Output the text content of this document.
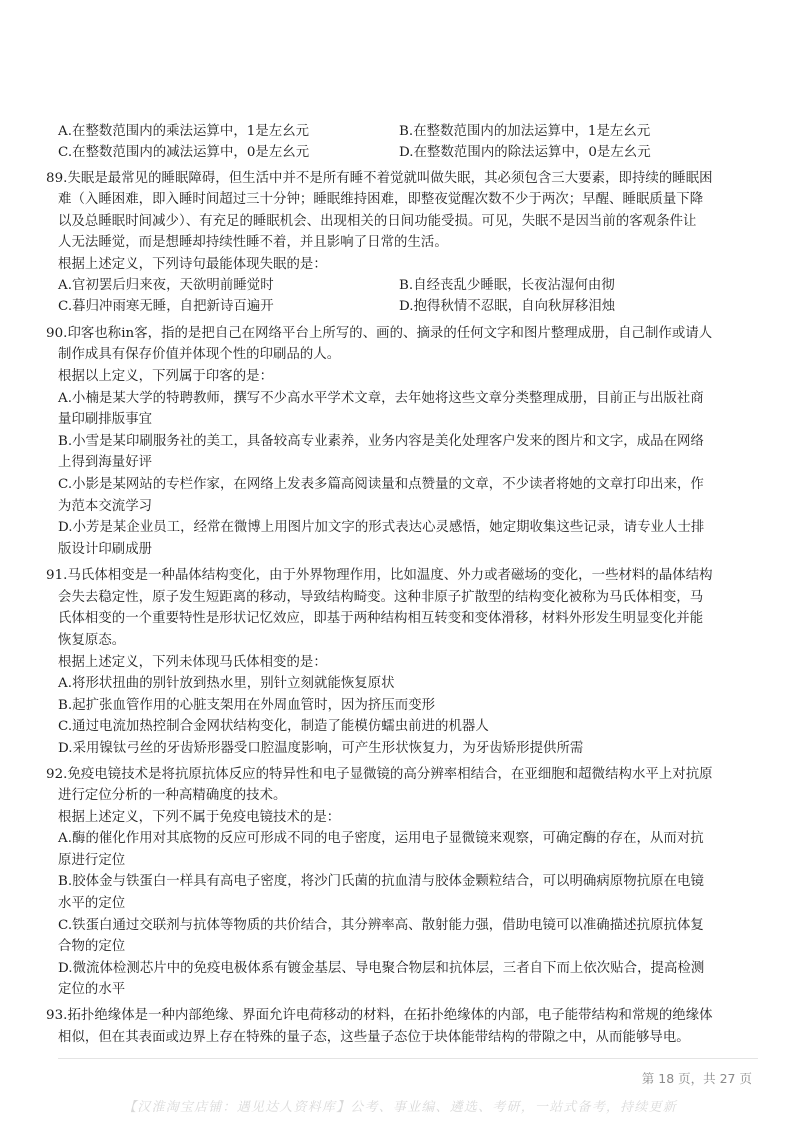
A.在整数范围内的乘法运算中，1是左幺元	B.在整数范围内的加法运算中，1是左幺元
C.在整数范围内的减法运算中，0是左幺元	D.在整数范围内的除法运算中，0是左幺元
89.失眠是最常见的睡眠障碍，但生活中并不是所有睡不着觉就叫做失眠，其必须包含三大要素，即持续的睡眠困
难（入睡困难，即入睡时间超过三十分钟；睡眠维持困难，即整夜觉醒次数不少于两次；早醒、睡眠质量下降
以及总睡眠时间减少）、有充足的睡眠机会、出现相关的日间功能受损。可见，失眠不是因当前的客观条件让
人无法睡觉，而是想睡却持续性睡不着，并且影响了日常的生活。
根据上述定义，下列诗句最能体现失眠的是：
A.官初罢后归来夜，天欲明前睡觉时	B.自经丧乱少睡眠，长夜沾湿何由彻
C.暮归冲雨寒无睡，自把新诗百遍开	D.抱得秋情不忍眠，自向秋屏移泪烛
90.印客也称in客，指的是把自己在网络平台上所写的、画的、摘录的任何文字和图片整理成册，自己制作或请人
制作成具有保存价值并体现个性的印刷品的人。
根据以上定义，下列属于印客的是：
A.小楠是某大学的特聘教师，撰写不少高水平学术文章，去年她将这些文章分类整理成册，目前正与出版社商
量印刷排版事宜
B.小雪是某印刷服务社的美工，具备较高专业素养，业务内容是美化处理客户发来的图片和文字，成品在网络
上得到海量好评
C.小影是某网站的专栏作家，在网络上发表多篇高阅读量和点赞量的文章，不少读者将她的文章打印出来，作
为范本交流学习
D.小芳是某企业员工，经常在微博上用图片加文字的形式表达心灵感悟，她定期收集这些记录，请专业人士排
版设计印刷成册
91.马氏体相变是一种晶体结构变化，由于外界物理作用，比如温度、外力或者磁场的变化，一些材料的晶体结构
会失去稳定性，原子发生短距离的移动，导致结构畸变。这种非原子扩散型的结构变化被称为马氏体相变，马
氏体相变的一个重要特性是形状记忆效应，即基于两种结构相互转变和变体滑移，材料外形发生明显变化并能
恢复原态。
根据上述定义，下列未体现马氏体相变的是：
A.将形状扭曲的别针放到热水里，别针立刻就能恢复原状
B.起扩张血管作用的心脏支架用在外周血管时，因为挤压而变形
C.通过电流加热控制合金网状结构变化，制造了能模仿蠕虫前进的机器人
D.采用镍钛弓丝的牙齿矫形器受口腔温度影响，可产生形状恢复力，为牙齿矫形提供所需
92.免疫电镜技术是将抗原抗体反应的特异性和电子显微镜的高分辨率相结合，在亚细胞和超微结构水平上对抗原
进行定位分析的一种高精确度的技术。
根据上述定义，下列不属于免疫电镜技术的是：
A.酶的催化作用对其底物的反应可形成不同的电子密度，运用电子显微镜来观察，可确定酶的存在，从而对抗
原进行定位
B.胶体金与铁蛋白一样具有高电子密度，将沙门氏菌的抗血清与胶体金颗粒结合，可以明确病原物抗原在电镜
水平的定位
C.铁蛋白通过交联剂与抗体等物质的共价结合，其分辨率高、散射能力强，借助电镜可以准确描述抗原抗体复
合物的定位
D.微流体检测芯片中的免疫电极体系有镀金基层、导电聚合物层和抗体层，三者自下而上依次贴合，提高检测
定位的水平
93.拓扑绝缘体是一种内部绝缘、界面允许电荷移动的材料，在拓扑绝缘体的内部，电子能带结构和常规的绝缘体
相似，但在其表面或边界上存在特殊的量子态，这些量子态位于块体能带结构的带隙之中，从而能够导电。
第 18 页，共 27 页
【汉淮淘宝店铺：遇见达人资料库】公考、事业编、遴选、考研，一站式备考，持续更新
